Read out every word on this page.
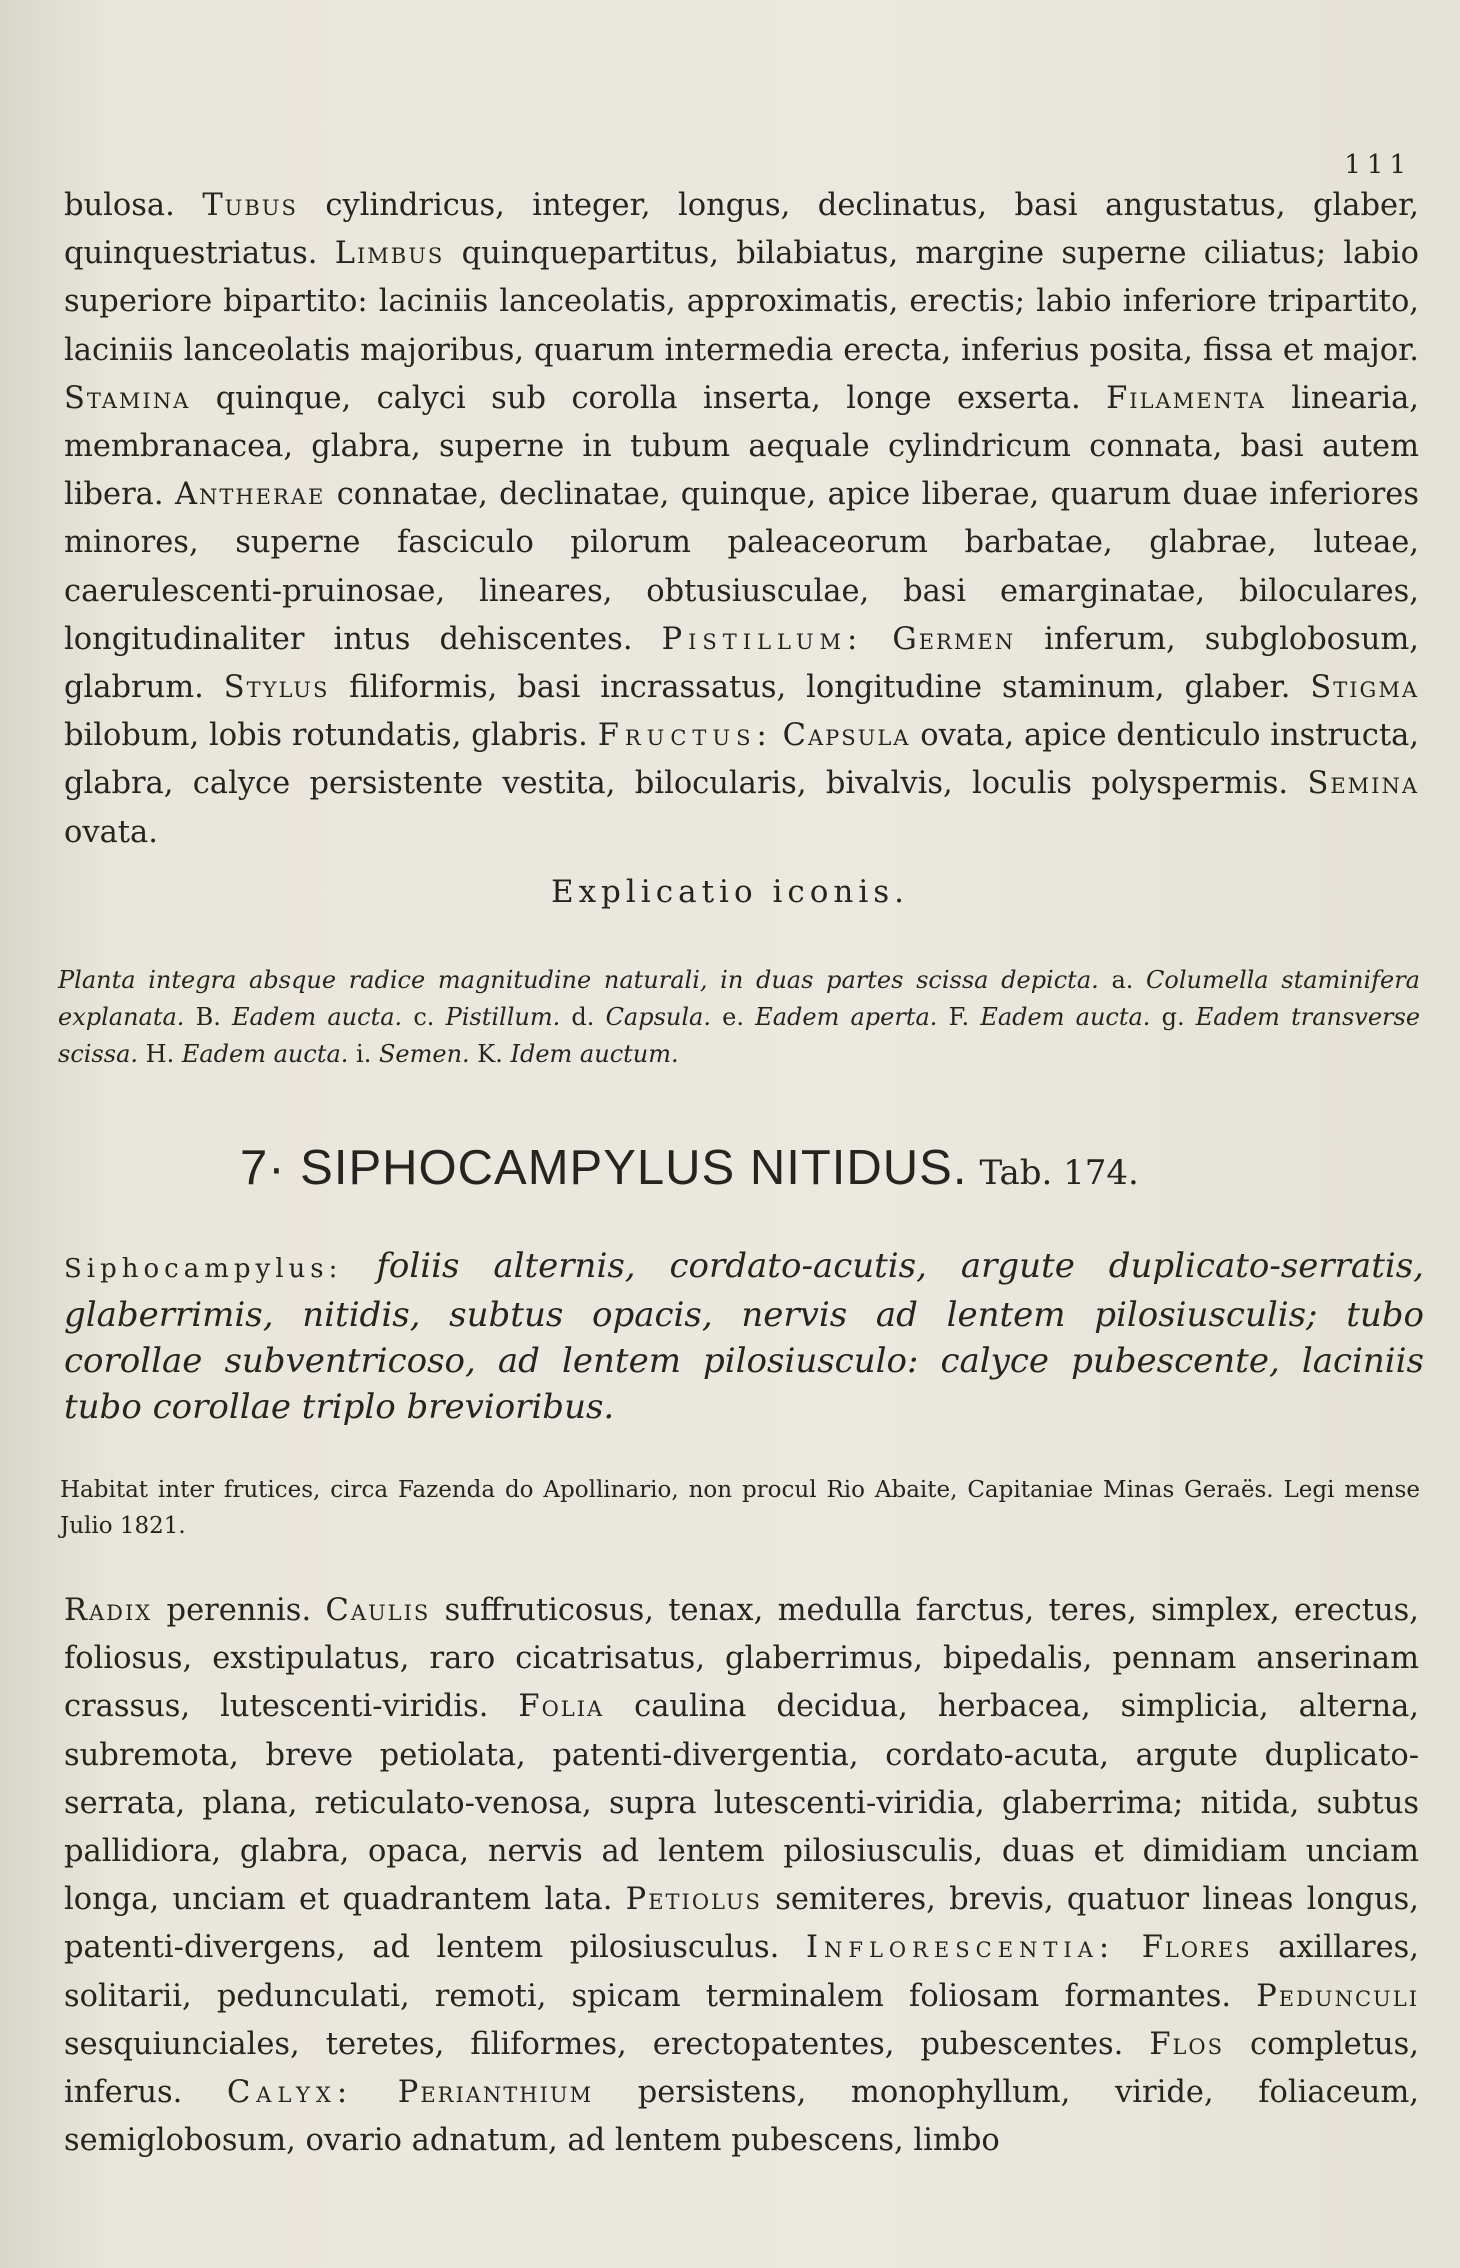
111
bulosa. Tubus cylindricus, integer, longus, declinatus, basi angustatus, glaber, quinquestriatus. Limbus quinquepartitus, bilabiatus, margine superne ciliatus; labio superiore bipartito: laciniis lanceolatis, approximatis, erectis; labio inferiore tripartito, laciniis lanceolatis majoribus, quarum intermedia erecta, inferius posita, fissa et major. Stamina quinque, calyci sub corolla inserta, longe exserta. Filamenta linearia, membranacea, glabra, superne in tubum aequale cylindricum connata, basi autem libera. Antherae connatae, declinatae, quinque, apice liberae, quarum duae inferiores minores, superne fasciculo pilorum paleaceorum barbatae, glabrae, luteae, caerulescenti-pruinosae, lineares, obtusiusculae, basi emarginatae, biloculares, longitudinaliter intus dehiscentes. Pistillum: Germen inferum, subglobosum, glabrum. Stylus filiformis, basi incrassatus, longitudine staminum, glaber. Stigma bilobum, lobis rotundatis, glabris. Fructus: Capsula ovata, apice denticulo instructa, glabra, calyce persistente vestita, bilocularis, bivalvis, loculis polyspermis. Semina ovata.
Explicatio iconis.
Planta integra absque radice magnitudine naturali, in duas partes scissa depicta. a. Columella staminifera explanata. B. Eadem aucta. c. Pistillum. d. Capsula. e. Eadem aperta. F. Eadem aucta. g. Eadem transverse scissa. H. Eadem aucta. i. Semen. K. Idem auctum.
7· SIPHOCAMPYLUS NITIDUS. Tab. 174.
Siphocampylus: foliis alternis, cordato-acutis, argute duplicato-serratis, glaberrimis, nitidis, subtus opacis, nervis ad lentem pilosiusculis; tubo corollae subventricoso, ad lentem pilosiusculo: calyce pubescente, laciniis tubo corollae triplo brevioribus.
Habitat inter frutices, circa Fazenda do Apollinario, non procul Rio Abaite, Capitaniae Minas Geraës. Legi mense Julio 1821.
Radix perennis. Caulis suffruticosus, tenax, medulla farctus, teres, simplex, erectus, foliosus, exstipulatus, raro cicatrisatus, glaberrimus, bipedalis, pennam anserinam crassus, lutescenti-viridis. Folia caulina decidua, herbacea, simplicia, alterna, subremota, breve petiolata, patenti-divergentia, cordato-acuta, argute duplicato-serrata, plana, reticulato-venosa, supra lutescenti-viridia, glaberrima; nitida, subtus pallidiora, glabra, opaca, nervis ad lentem pilosiusculis, duas et dimidiam unciam longa, unciam et quadrantem lata. Petiolus semiteres, brevis, quatuor lineas longus, patenti-divergens, ad lentem pilosiusculus. Inflorescentia: Flores axillares, solitarii, pedunculati, remoti, spicam terminalem foliosam formantes. Pedunculi sesquiunciales, teretes, filiformes, erectopatentes, pubescentes. Flos completus, inferus. Calyx: Perianthium persistens, monophyllum, viride, foliaceum, semiglobosum, ovario adnatum, ad lentem pubescens, limbo
